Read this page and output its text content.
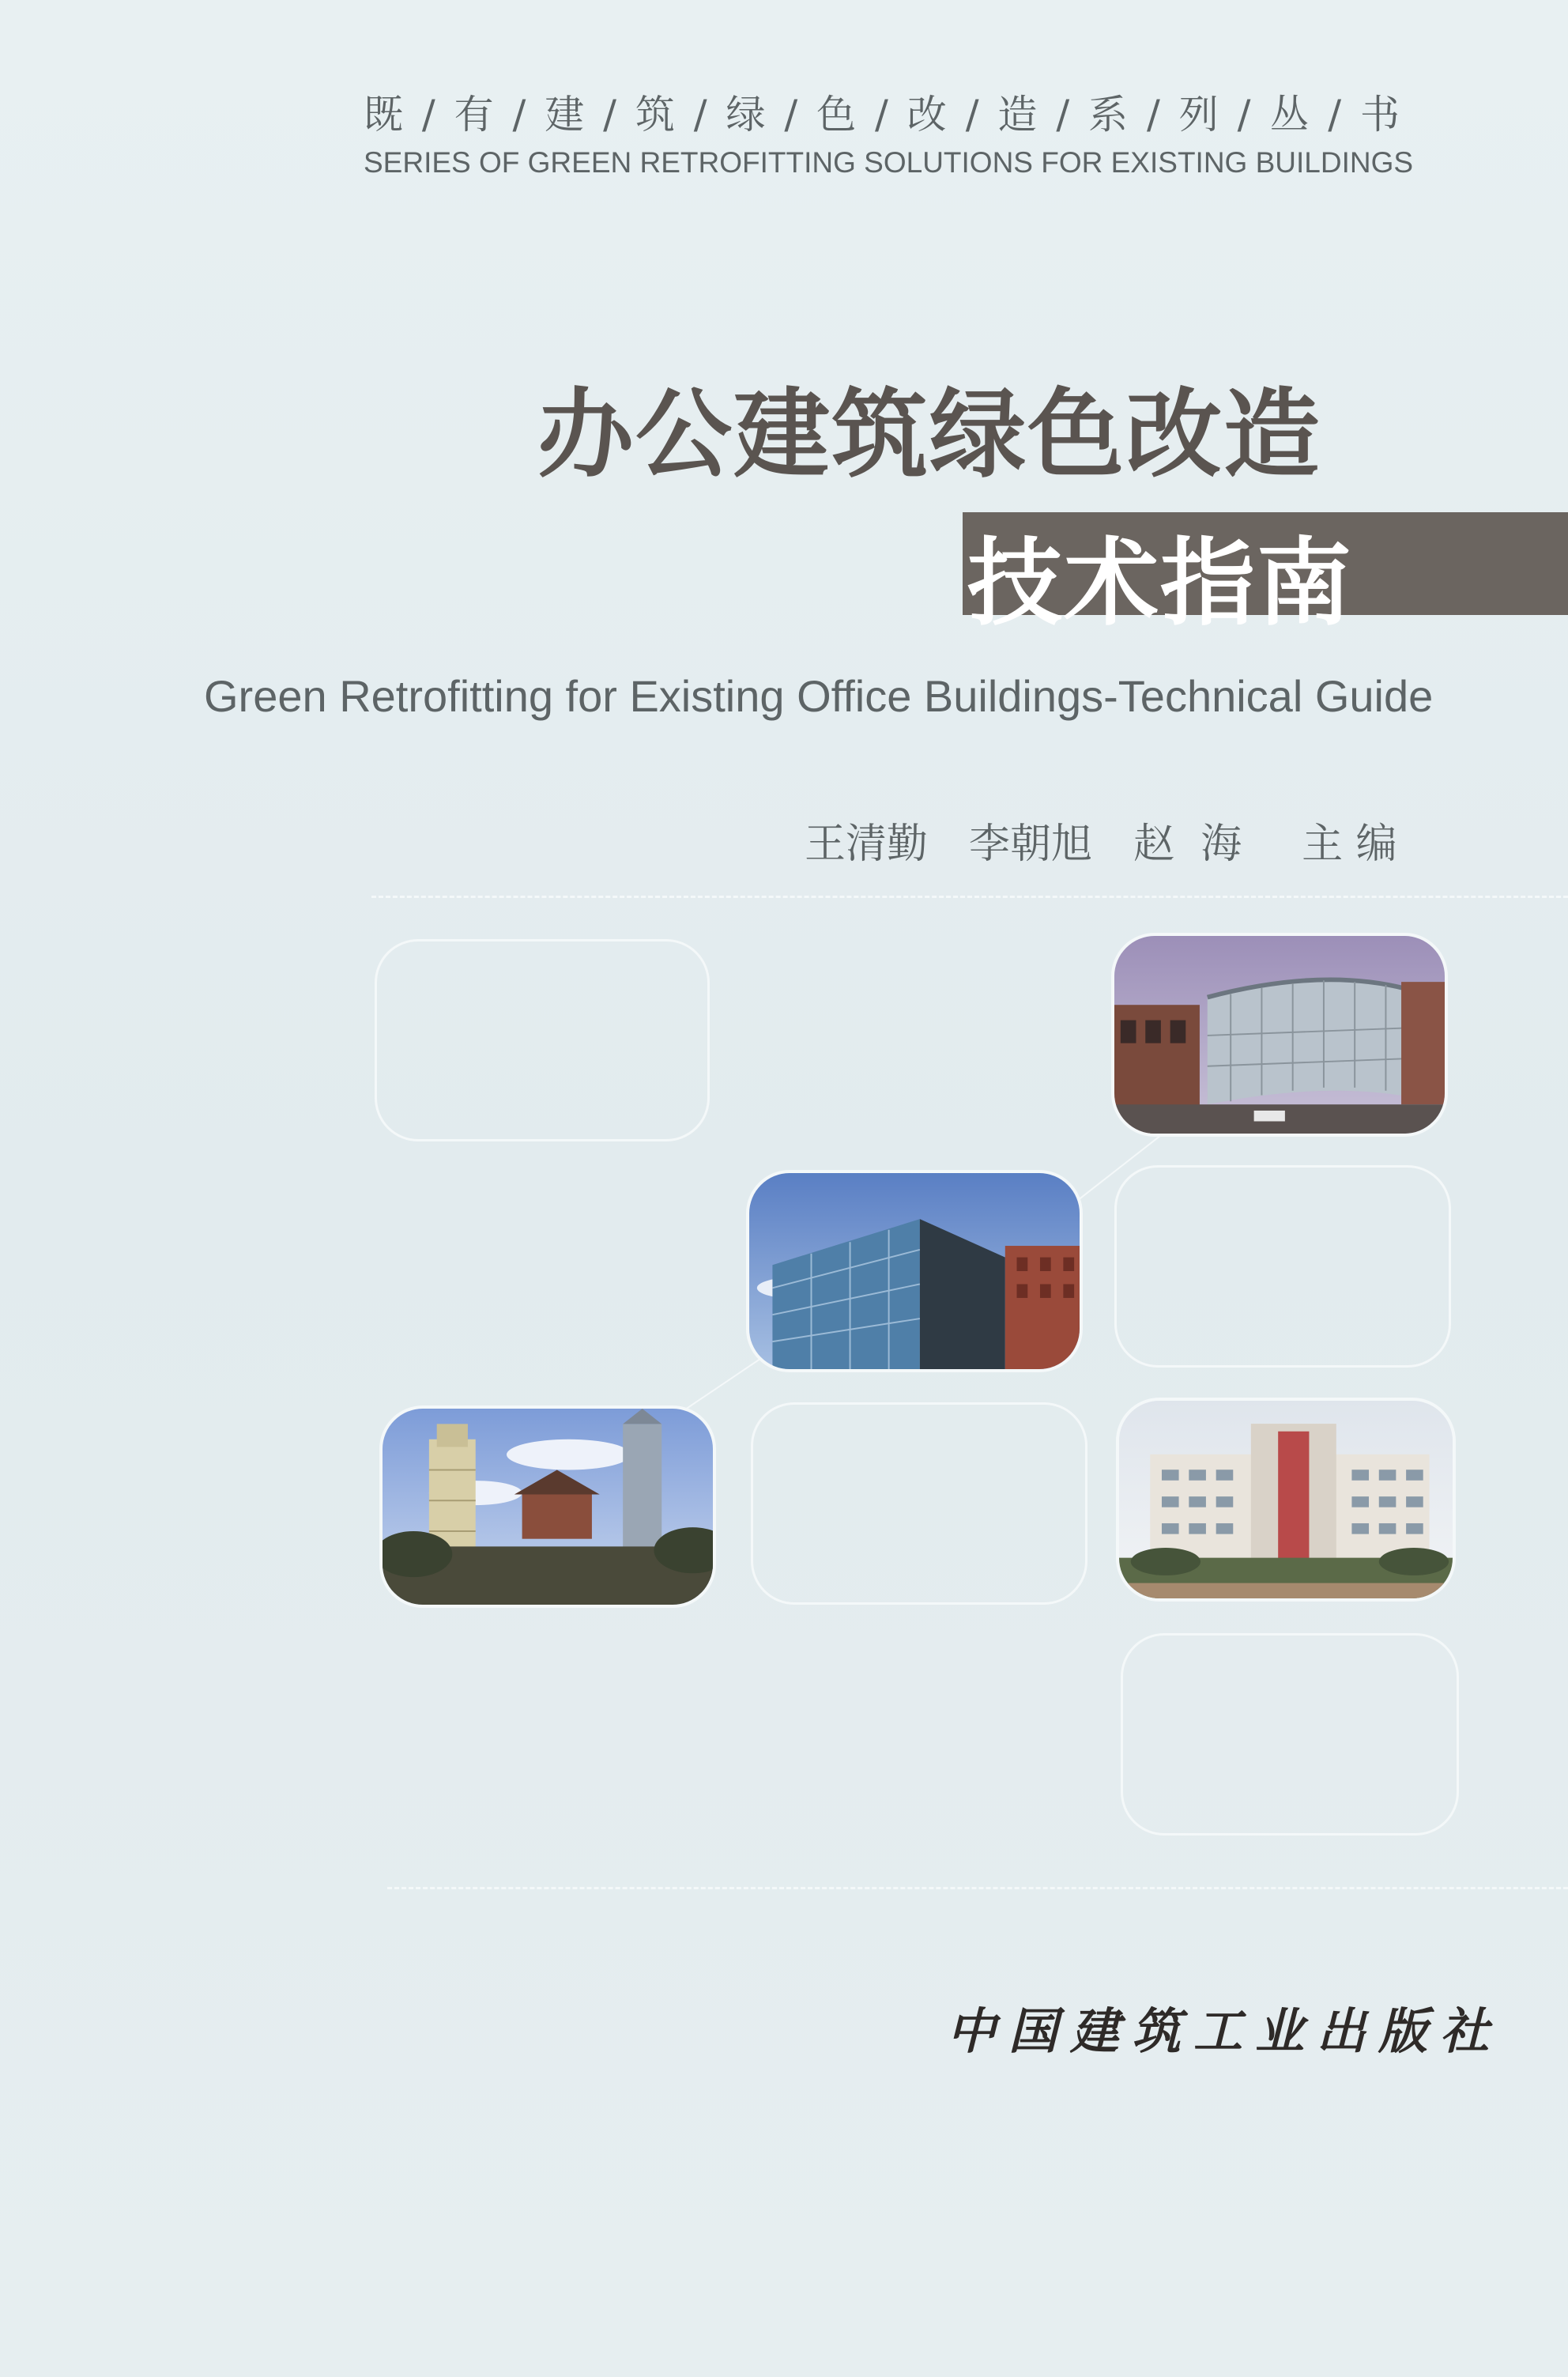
既 / 有 / 建 / 筑 / 绿 / 色 / 改 / 造 / 系 / 列 / 丛 / 书
SERIES OF GREEN RETROFITTING SOLUTIONS FOR EXISTING BUILDINGS
办公建筑绿色改造
技术指南
Green Retrofitting for Existing Office Buildings-Technical Guide
王清勤 李朝旭 赵  海 主 编
中国建筑工业出版社
